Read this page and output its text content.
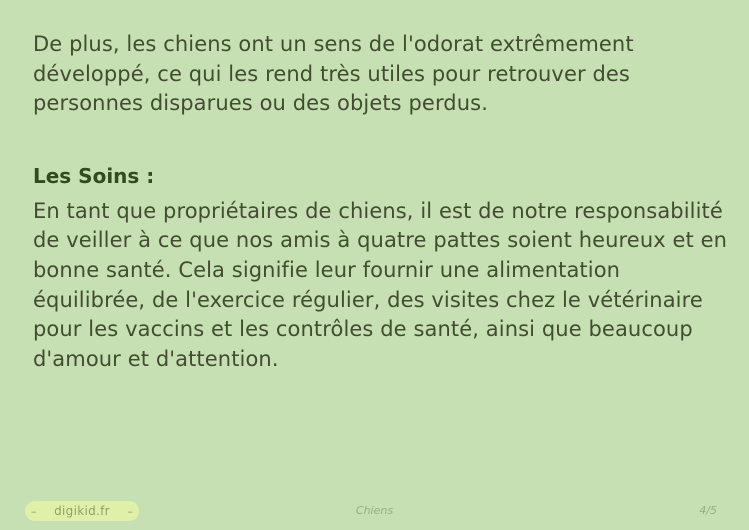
De plus, les chiens ont un sens de l'odorat extrêmement développé, ce qui les rend très utiles pour retrouver des personnes disparues ou des objets perdus.

Les Soins :

En tant que propriétaires de chiens, il est de notre responsabilité de veiller à ce que nos amis à quatre pattes soient heureux et en bonne santé. Cela signifie leur fournir une alimentation équilibrée, de l'exercice régulier, des visites chez le vétérinaire pour les vaccins et les contrôles de santé, ainsi que beaucoup d'amour et d'attention.

– digikid.fr –	Chiens	4/5
